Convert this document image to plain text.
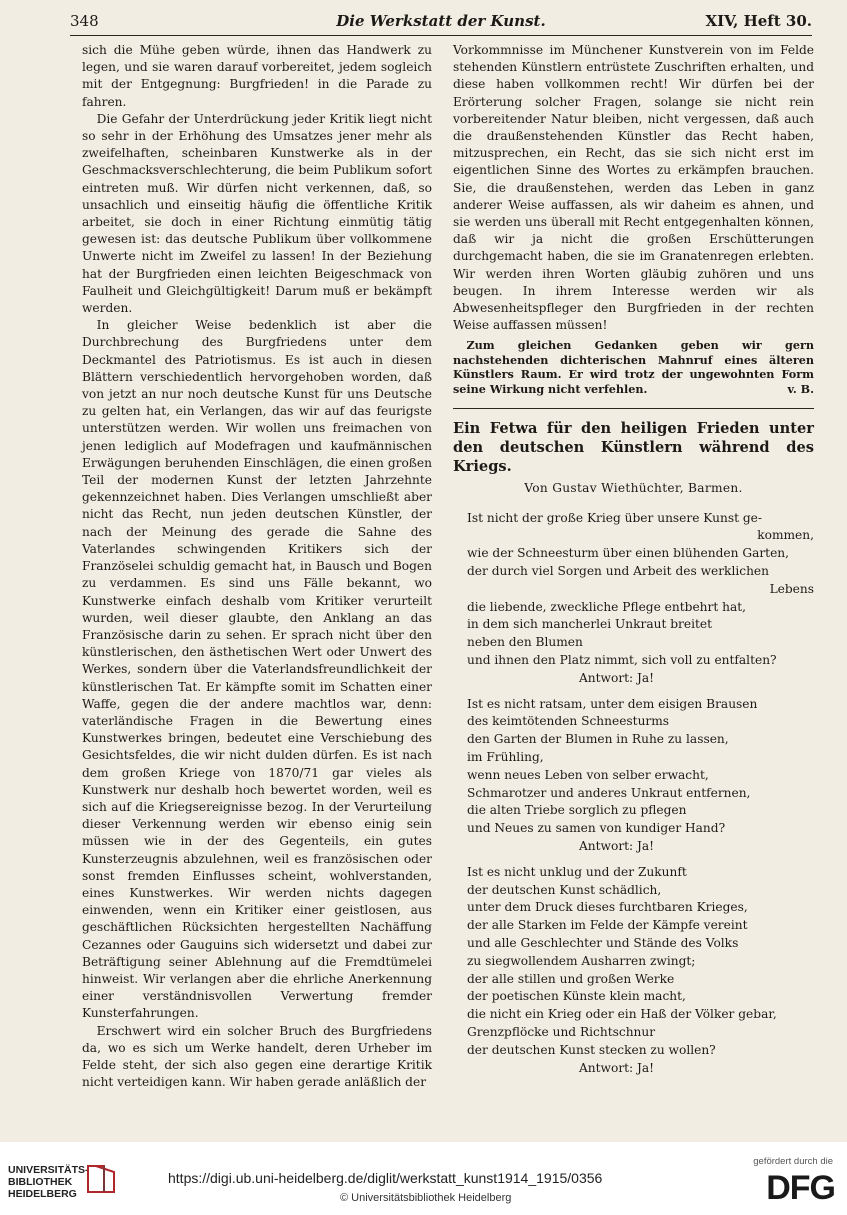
348	Die Werkstatt der Kunst.	XIV, Heft 30.

sich die Mühe geben würde, ihnen das Handwerk zu legen, und sie waren darauf vorbereitet, jedem sogleich mit der Entgegnung: Burgfrieden! in die Parade zu fahren.

Die Gefahr der Unterdrückung jeder Kritik liegt nicht so sehr in der Erhöhung des Umsatzes jener mehr als zweifelhaften, scheinbaren Kunstwerke als in der Geschmacksverschlechterung, die beim Publikum sofort eintreten muß. Wir dürfen nicht verkennen, daß, so unsachlich und einseitig häufig die öffentliche Kritik arbeitet, sie doch in einer Richtung einmütig tätig gewesen ist: das deutsche Publikum über vollkommene Unwerte nicht im Zweifel zu lassen! In der Beziehung hat der Burgfrieden einen leichten Beigeschmack von Faulheit und Gleichgültigkeit! Darum muß er bekämpft werden.

In gleicher Weise bedenklich ist aber die Durchbrechung des Burgfriedens unter dem Deckmantel des Patriotismus. Es ist auch in diesen Blättern verschiedentlich hervorgehoben worden, daß von jetzt an nur noch deutsche Kunst für uns Deutsche zu gelten hat, ein Verlangen, das wir auf das feurigste unterstützen werden. Wir wollen uns freimachen von jenen lediglich auf Modefragen und kaufmännischen Erwägungen beruhenden Einschlägen, die einen großen Teil der modernen Kunst der letzten Jahrzehnte gekennzeichnet haben. Dies Verlangen umschließt aber nicht das Recht, nun jeden deutschen Künstler, der nach der Meinung des gerade die Sahne des Vaterlandes schwingenden Kritikers sich der Französelei schuldig gemacht hat, in Bausch und Bogen zu verdammen. Es sind uns Fälle bekannt, wo Kunstwerke einfach deshalb vom Kritiker verurteilt wurden, weil dieser glaubte, den Anklang an das Französische darin zu sehen. Er sprach nicht über den künstlerischen, den ästhetischen Wert oder Unwert des Werkes, sondern über die Vaterlandsfreundlichkeit der künstlerischen Tat. Er kämpfte somit im Schatten einer Waffe, gegen die der andere machtlos war, denn: vaterländische Fragen in die Bewertung eines Kunstwerkes bringen, bedeutet eine Verschiebung des Gesichtsfeldes, die wir nicht dulden dürfen. Es ist nach dem großen Kriege von 1870/71 gar vieles als Kunstwerk nur deshalb hoch bewertet worden, weil es sich auf die Kriegsereignisse bezog. In der Verurteilung dieser Verkennung werden wir ebenso einig sein müssen wie in der des Gegenteils, ein gutes Kunsterzeugnis abzulehnen, weil es französischen oder sonst fremden Einflusses scheint, wohlverstanden, eines Kunstwerkes. Wir werden nichts dagegen einwenden, wenn ein Kritiker einer geistlosen, aus geschäftlichen Rücksichten hergestellten Nachäffung Cezannes oder Gauguins sich widersetzt und dabei zur Beträftigung seiner Ablehnung auf die Fremdtümelei hinweist. Wir verlangen aber die ehrliche Anerkennung einer verständnisvollen Verwertung fremder Kunsterfahrungen.

Erschwert wird ein solcher Bruch des Burgfriedens da, wo es sich um Werke handelt, deren Urheber im Felde steht, der sich also gegen eine derartige Kritik nicht verteidigen kann. Wir haben gerade anläßlich der

Vorkommnisse im Münchener Kunstverein von im Felde stehenden Künstlern entrüstete Zuschriften erhalten, und diese haben vollkommen recht! Wir dürfen bei der Erörterung solcher Fragen, solange sie nicht rein vorbereitender Natur bleiben, nicht vergessen, daß auch die draußenstehenden Künstler das Recht haben, mitzusprechen, ein Recht, das sie sich nicht erst im eigentlichen Sinne des Wortes zu erkämpfen brauchen. Sie, die draußenstehen, werden das Leben in ganz anderer Weise auffassen, als wir daheim es ahnen, und sie werden uns überall mit Recht entgegenhalten können, daß wir ja nicht die großen Erschütterungen durchgemacht haben, die sie im Granatenregen erlebten. Wir werden ihren Worten gläubig zuhören und uns beugen. In ihrem Interesse werden wir als Abwesenheitspfleger den Burgfrieden in der rechten Weise auffassen müssen!

Zum gleichen Gedanken geben wir gern nachstehenden dichterischen Mahnruf eines älteren Künstlers Raum. Er wird trotz der ungewohnten Form seine Wirkung nicht verfehlen.	v. B.

Ein Fetwa für den heiligen Frieden unter den deutschen Künstlern während des Kriegs.

Von Gustav Wiethüchter, Barmen.
Ist nicht der große Krieg über unsere Kunst ge-
kommen,
wie der Schneesturm über einen blühenden Garten,
der durch viel Sorgen und Arbeit des werklichen
Lebens
die liebende, zweckliche Pflege entbehrt hat,
in dem sich mancherlei Unkraut breitet
neben den Blumen
und ihnen den Platz nimmt, sich voll zu entfalten?
Antwort: Ja!
Ist es nicht ratsam, unter dem eisigen Brausen
des keimtötenden Schneesturms
den Garten der Blumen in Ruhe zu lassen,
im Frühling,
wenn neues Leben von selber erwacht,
Schmarotzer und anderes Unkraut entfernen,
die alten Triebe sorglich zu pflegen
und Neues zu samen von kundiger Hand?
Antwort: Ja!
Ist es nicht unklug und der Zukunft
der deutschen Kunst schädlich,
unter dem Druck dieses furchtbaren Krieges,
der alle Starken im Felde der Kämpfe vereint
und alle Geschlechter und Stände des Volks
zu siegwollendem Ausharren zwingt;
der alle stillen und großen Werke
der poetischen Künste klein macht,
die nicht ein Krieg oder ein Haß der Völker gebar,
Grenzpflöcke und Richtschnur
der deutschen Kunst stecken zu wollen?
Antwort: Ja!
UNIVERSITÄTS-
BIBLIOTHEK
HEIDELBERG
https://digi.ub.uni-heidelberg.de/diglit/werkstatt_kunst1914_1915/0356
© Universitätsbibliothek Heidelberg
gefördert durch die
DFG
